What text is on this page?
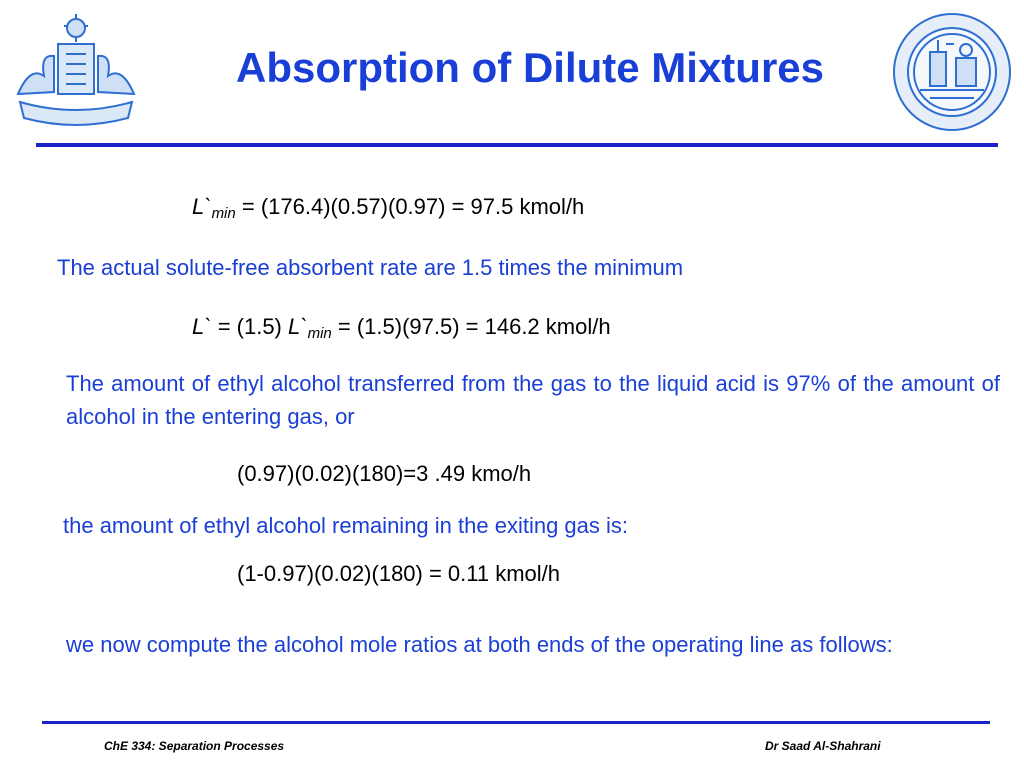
Absorption of Dilute Mixtures
$L`_{min} = (176.4)(0.57)(0.97) = 97.5$ kmol/h
The actual solute-free absorbent rate are 1.5 times the minimum
L` = (1.5) $L`_{min} = (1.5)(97.5) = 146.2$ kmol/h
The amount of ethyl alcohol transferred from the gas to the liquid acid is 97% of the amount of alcohol in the entering gas, or
(0.97)(0.02)(180)=3 .49 kmo/h
the amount of ethyl alcohol remaining in the exiting gas is:
(1-0.97)(0.02)(180) = 0.11 kmol/h
we now compute the alcohol mole ratios at both ends of the operating line as follows:
ChE 334: Separation Processes	Dr Saad Al-Shahrani
